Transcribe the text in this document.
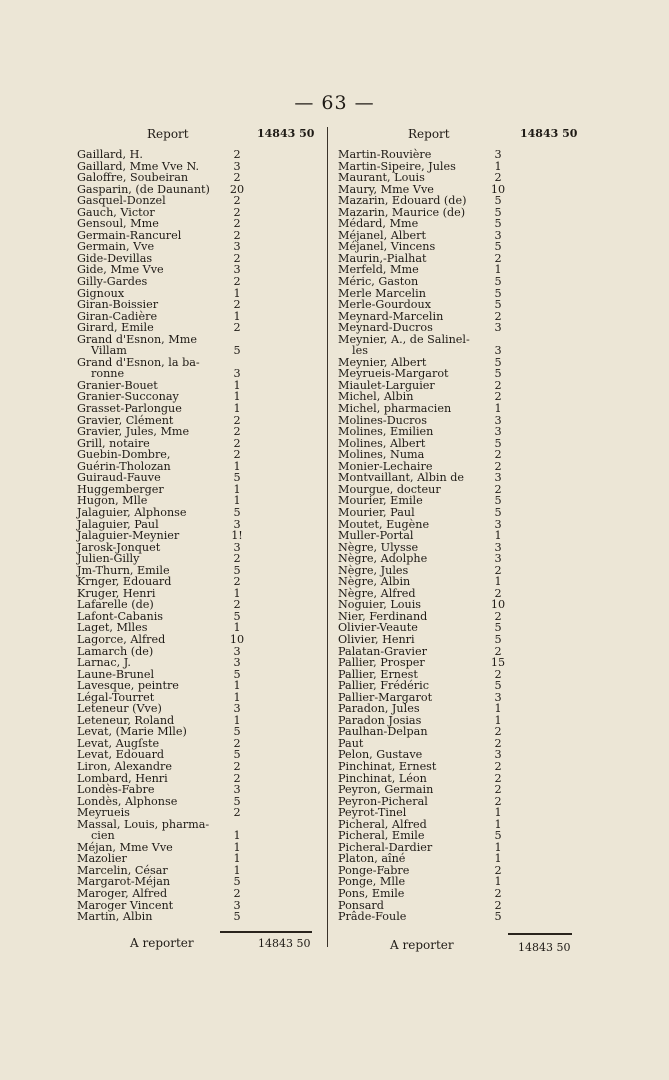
— 63 —
Report	14843 50
Gaillard, H.	2
Gaillard, Mme Vve N.	3
Galoffre, Soubeiran	2
Gasparin, (de Daunant) 20
Gasquel-Donzel	2
Gauch, Victor	2
Gensoul, Mme	2
Germain-Rancurel	2
Germain, Vve	3
Gide-Devillas	2
Gide, Mme Vve	3
Gilly-Gardes	2
Gignoux	1
Giran-Boissier	2
Giran-Cadière	1
Girard, Emile	2
Grand d'Esnon, Mme
Villam	5
Grand d'Esnon, la ba-
ronne	3
Granier-Bouet	1
Granier-Succonay	1
Grasset-Parlongue	1
Gravier, Clément	2
Gravier, Jules, Mme	2
Grill, notaire	2
Guebin-Dombre,	2
Guérin-Tholozan	1
Guiraud-Fauve	5
Huggemberger	1
Hugon, Mlle	1
Jalaguier, Alphonse	5
Jalaguier, Paul	3
Jalaguier-Meynier	1!
Jarosk-Jonquet	3
Julien-Gilly	2
Jm-Thurn, Emile	5
Krnger, Edouard	2
Kruger, Henri	1
Lafarelle (de)	2
Lafont-Cabanis	5
Laget, Mlles	1
Lagorce, Alfred	10
Lamarch (de)	3
Larnac, J.	3
Laune-Brunel	5
Lavesque, peintre	1
Légal-Tourret	1
Leteneur (Vve)	3
Leteneur, Roland	1
Levat, (Marie Mlle)	5
Levat, Augſste	2
Levat, Edouard	5
Liron, Alexandre	2
Lombard, Henri	2
Londès-Fabre	3
Londès, Alphonse	5
Meyrueis	2
Massal, Louis, pharma-
cien	1
Méjan, Mme Vve	1
Mazolier	1
Marcelin, César	1
Margarot-Méjan	5
Maroger, Alfred	2
Maroger Vincent	3
Martin, Albin	5
Report	14843 50
Martin-Rouvière	3
Martin-Sipeire, Jules	1
Maurant, Louis	2
Maury, Mme Vve	10
Mazarin, Edouard (de)	5
Mazarin, Maurice (de)	5
Médard, Mme	5
Méjanel, Albert	3
Méjanel, Vincens	5
Maurin,-Pialhat	2
Merfeld, Mme	1
Méric, Gaston	5
Merle Marcelin	5
Merle-Gourdoux	5
Meynard-Marcelin	2
Meynard-Ducros	3
Meynier, A., de Salinel-
les	3
Meynier, Albert	5
Meyrueis-Margarot	5
Miaulet-Larguier	2
Michel, Albin	2
Michel, pharmacien	1
Molines-Ducros	3
Molines, Emilien	3
Molines, Albert	5
Molines, Numa	2
Monier-Lechaire	2
Montvaillant, Albin de	3
Mourgue, docteur	2
Mourier, Emile	5
Mourier, Paul	5
Moutet, Eugène	3
Muller-Portal	1
Nègre, Ulysse	3
Nègre, Adolphe	3
Nègre, Jules	2
Nègre, Albin	1
Nègre, Alfred	2
Noguier, Louis	10
Nier, Ferdinand	2
Olivier-Veaute	5
Olivier, Henri	5
Palatan-Gravier	2
Pallier, Prosper	15
Pallier, Ernest	2
Pallier, Frédéric	5
Pallier-Margarot	3
Paradon, Jules	1
Paradon Josias	1
Paulhan-Delpan	2
Paut	2
Pelon, Gustave	3
Pinchinat, Ernest	2
Pinchinat, Léon	2
Peyron, Germain	2
Peyron-Picheral	2
Peyrot-Tinel	1
Picheral, Alfred	1
Picheral, Emile	5
Picheral-Dardier	1
Platon, aîné	1
Ponge-Fabre	2
Ponge, Mlle	1
Pons, Emile	2
Ponsard	2
Prâde-Foule	5
A reporter	14843 50	A reporter	14843 50
